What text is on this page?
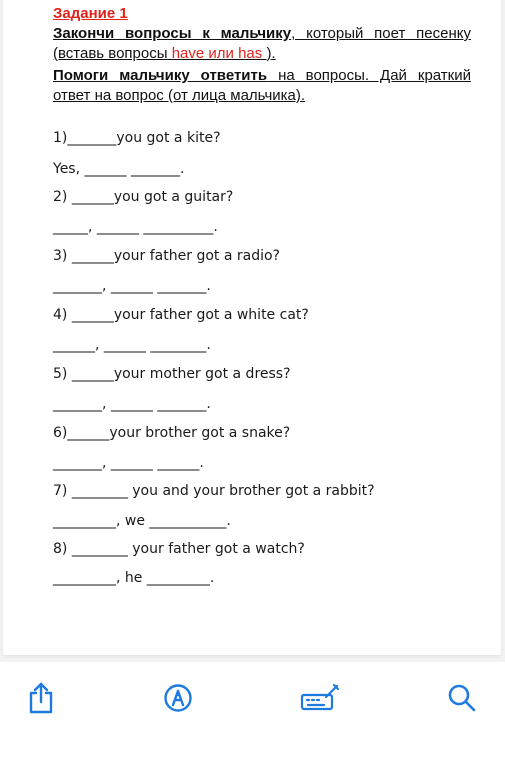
Задание 1
Закончи вопросы к мальчику, который поет песенку (вставь вопросы have или has ).
Помоги мальчику ответить на вопросы. Дай краткий ответ на вопрос (от лица мальчика).
1)_______you got a kite?
Yes, ______ _______.
2) ______you got a guitar?
_____, ______ __________.
3) ______your father got a radio?
_______, ______ _______.
4) ______your father got a white cat?
______, ______ ________.
5) ______your mother got a dress?
_______, ______ _______.
6)______your brother got a snake?
_______, ______ ______.
7) ________ you and your brother got a rabbit?
_________, we ___________.
8) ________ your father got a watch?
_________, he _________.
